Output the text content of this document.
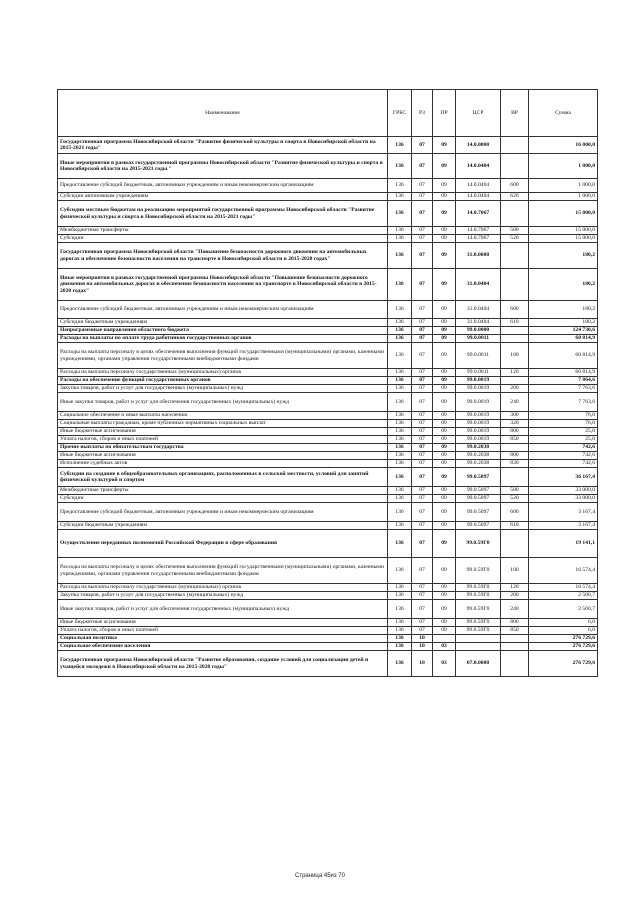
Наименование	ГРБС	РЗ	ПР	ЦСР	ВР	Сумма
Государственная программа Новосибирской области "Развитие физической культуры и спорта в Новосибирской области на 2015-2021 годы"	136	07	09	14.0.0000		16 000,0
Иные мероприятия в рамках государственной программы Новосибирской области "Развитие физической культуры и спорта в Новосибирской области на 2015-2021 годы "	136	07	09	14.0.0404		1 000,0
Предоставление субсидий бюджетным, автономным учреждениям и иным некоммерческим организациям	136	07	09	14.0.0404	600	1 000,0
Субсидии автономным учреждениям	136	07	09	14.0.0404	620	1 000,0
Субсидии местным бюджетам на реализацию мероприятий государственной программы Новосибирской области "Развитие физической культуры и спорта в Новосибирской области на 2015-2021 годы"	136	07	09	14.0.7067		15 000,0
Межбюджетные трансферты	136	07	09	14.0.7067	500	15 000,0
Субсидии	136	07	09	14.0.7067	520	15 000,0
Государственная программа Новосибирской области "Повышение безопасности дорожного движения на автомобильных дорогах и обеспечение безопасности населения на транспорте в Новосибирской области в 2015-2020 годах"	136	07	09	31.0.0000		180,2
Иные мероприятия в рамках государственной программы Новосибирской области "Повышение безопасности дорожного движения на автомобильных дорогах и обеспечение безопасности населения на транспорте в Новосибирской области в 2015-2020 годах"	136	07	09	31.0.0404		180,2
Предоставление субсидий бюджетным, автономным учреждениям и иным некоммерческим организациям	136	07	09	31.0.0404	600	180,2
Субсидии бюджетным учреждениям	136	07	09	31.0.0404	610	180,2
Непрограммные направления областного бюджета	136	07	09	99.0.0000		124 730,6
Расходы на выплаты по оплате труда работников государственных органов	136	07	09	99.0.0011		60 814,9
Расходы на выплаты персоналу в целях обеспечения выполнения функций государственными (муниципальными) органами, казенными учреждениями, органами управления государственными внебюджетными фондами	136	07	09	99.0.0011	100	60 814,9
Расходы на выплаты персоналу государственных (муниципальных) органов	136	07	09	99.0.0011	120	60 814,9
Расходы на обеспечение функций государственных органов	136	07	09	99.0.0019		7 864,6
Закупка товаров, работ и услуг для государственных (муниципальных) нужд	136	07	09	99.0.0019	200	7 763,6
Иные закупки товаров, работ и услуг для обеспечения государственных (муниципальных) нужд	136	07	09	99.0.0019	240	7 763,6
Социальное обеспечение и иные выплаты населению	136	07	09	99.0.0019	300	76,0
Социальные выплаты гражданам, кроме публичных нормативных социальных выплат	136	07	09	99.0.0019	320	76,0
Иные бюджетные ассигнования	136	07	09	99.0.0019	800	25,0
Уплата налогов, сборов и иных платежей	136	07	09	99.0.0019	850	25,0
Прочие выплаты по обязательствам государства	136	07	09	99.0.2038		742,6
Иные бюджетные ассигнования	136	07	09	99.0.2038	800	742,6
Исполнение судебных актов	136	07	09	99.0.2038	830	742,6
Субсидии на создание в общеобразовательных организациях, расположенных в сельской местности, условий для занятий физической культурой и спортом	136	07	09	99.0.5097		36 167,4
Межбюджетные трансферты	136	07	09	99.0.5097	500	33 000,0
Субсидии	136	07	09	99.0.5097	520	33 000,0
Предоставление субсидий бюджетным, автономным учреждениям и иным некоммерческим организациям	136	07	09	99.0.5097	600	3 167,4
Субсидии бюджетным учреждениям	136	07	09	99.0.5097	610	3 167,4
Осуществление переданных полномочий Российской Федерации в сфере образования	136	07	09	99.0.59Г0		19 141,1
Расходы на выплаты персоналу в целях обеспечения выполнения функций государственными (муниципальными) органами, казенными учреждениями, органами управления государственными внебюджетными фондами	136	07	09	99.0.59Г0	100	16 574,4
Расходы на выплаты персоналу государственных (муниципальных) органов	136	07	09	99.0.59Г0	120	16 574,4
Закупка товаров, работ и услуг для государственных (муниципальных) нужд	136	07	09	99.0.59Г0	200	2 560,7
Иные закупки товаров, работ и услуг для обеспечения государственных (муниципальных) нужд	136	07	09	99.0.59Г0	240	2 560,7
Иные бюджетные ассигнования	136	07	09	99.0.59Г0	800	6,0
Уплата налогов, сборов и иных платежей	136	07	09	99.0.59Г0	850	6,0
Социальная политика	136	10				276 729,6
Социальное обеспечение населения	136	10	03			276 729,6
Государственная программа Новосибирской области "Развитие образования, создание условий для социализации детей и учащейся молодежи в Новосибирской области на 2015-2020 годы"	136	10	03	07.0.0000		276 729,6
Страница 45из 70
